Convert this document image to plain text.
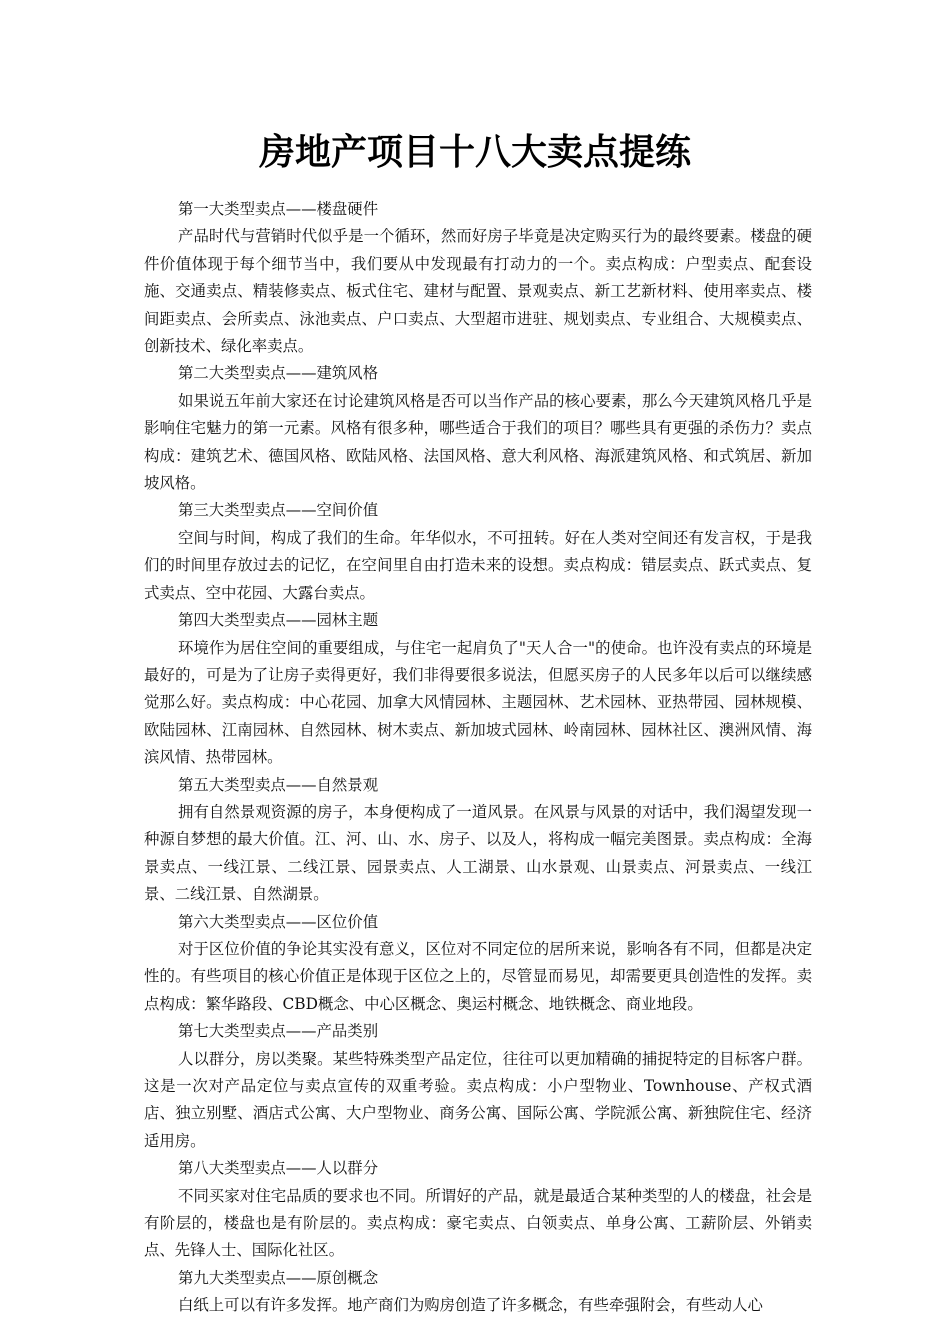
房地产项目十八大卖点提练

第一大类型卖点——楼盘硬件

产品时代与营销时代似乎是一个循环，然而好房子毕竟是决定购买行为的最终要素。楼盘的硬件价值体现于每个细节当中，我们要从中发现最有打动力的一个。卖点构成：户型卖点、配套设施、交通卖点、精装修卖点、板式住宅、建材与配置、景观卖点、新工艺新材料、使用率卖点、楼间距卖点、会所卖点、泳池卖点、户口卖点、大型超市进驻、规划卖点、专业组合、大规模卖点、创新技术、绿化率卖点。

第二大类型卖点——建筑风格

如果说五年前大家还在讨论建筑风格是否可以当作产品的核心要素，那么今天建筑风格几乎是影响住宅魅力的第一元素。风格有很多种，哪些适合于我们的项目？哪些具有更强的杀伤力？卖点构成：建筑艺术、德国风格、欧陆风格、法国风格、意大利风格、海派建筑风格、和式筑居、新加坡风格。

第三大类型卖点——空间价值

空间与时间，构成了我们的生命。年华似水，不可扭转。好在人类对空间还有发言权，于是我们的时间里存放过去的记忆，在空间里自由打造未来的设想。卖点构成：错层卖点、跃式卖点、复式卖点、空中花园、大露台卖点。

第四大类型卖点——园林主题

环境作为居住空间的重要组成，与住宅一起肩负了"天人合一"的使命。也许没有卖点的环境是最好的，可是为了让房子卖得更好，我们非得要很多说法，但愿买房子的人民多年以后可以继续感觉那么好。卖点构成：中心花园、加拿大风情园林、主题园林、艺术园林、亚热带园、园林规模、欧陆园林、江南园林、自然园林、树木卖点、新加坡式园林、岭南园林、园林社区、澳洲风情、海滨风情、热带园林。

第五大类型卖点——自然景观

拥有自然景观资源的房子，本身便构成了一道风景。在风景与风景的对话中，我们渴望发现一种源自梦想的最大价值。江、河、山、水、房子、以及人，将构成一幅完美图景。卖点构成：全海景卖点、一线江景、二线江景、园景卖点、人工湖景、山水景观、山景卖点、河景卖点、一线江景、二线江景、自然湖景。

第六大类型卖点——区位价值

对于区位价值的争论其实没有意义，区位对不同定位的居所来说，影响各有不同，但都是决定性的。有些项目的核心价值正是体现于区位之上的，尽管显而易见，却需要更具创造性的发挥。卖点构成：繁华路段、CBD概念、中心区概念、奥运村概念、地铁概念、商业地段。

第七大类型卖点——产品类别

人以群分，房以类聚。某些特殊类型产品定位，往往可以更加精确的捕捉特定的目标客户群。这是一次对产品定位与卖点宣传的双重考验。卖点构成：小户型物业、Townhouse、产权式酒店、独立别墅、酒店式公寓、大户型物业、商务公寓、国际公寓、学院派公寓、新独院住宅、经济适用房。

第八大类型卖点——人以群分

不同买家对住宅品质的要求也不同。所谓好的产品，就是最适合某种类型的人的楼盘，社会是有阶层的，楼盘也是有阶层的。卖点构成：豪宅卖点、白领卖点、单身公寓、工薪阶层、外销卖点、先锋人士、国际化社区。

第九大类型卖点——原创概念

白纸上可以有许多发挥。地产商们为购房创造了许多概念，有些牵强附会，有些动人心
